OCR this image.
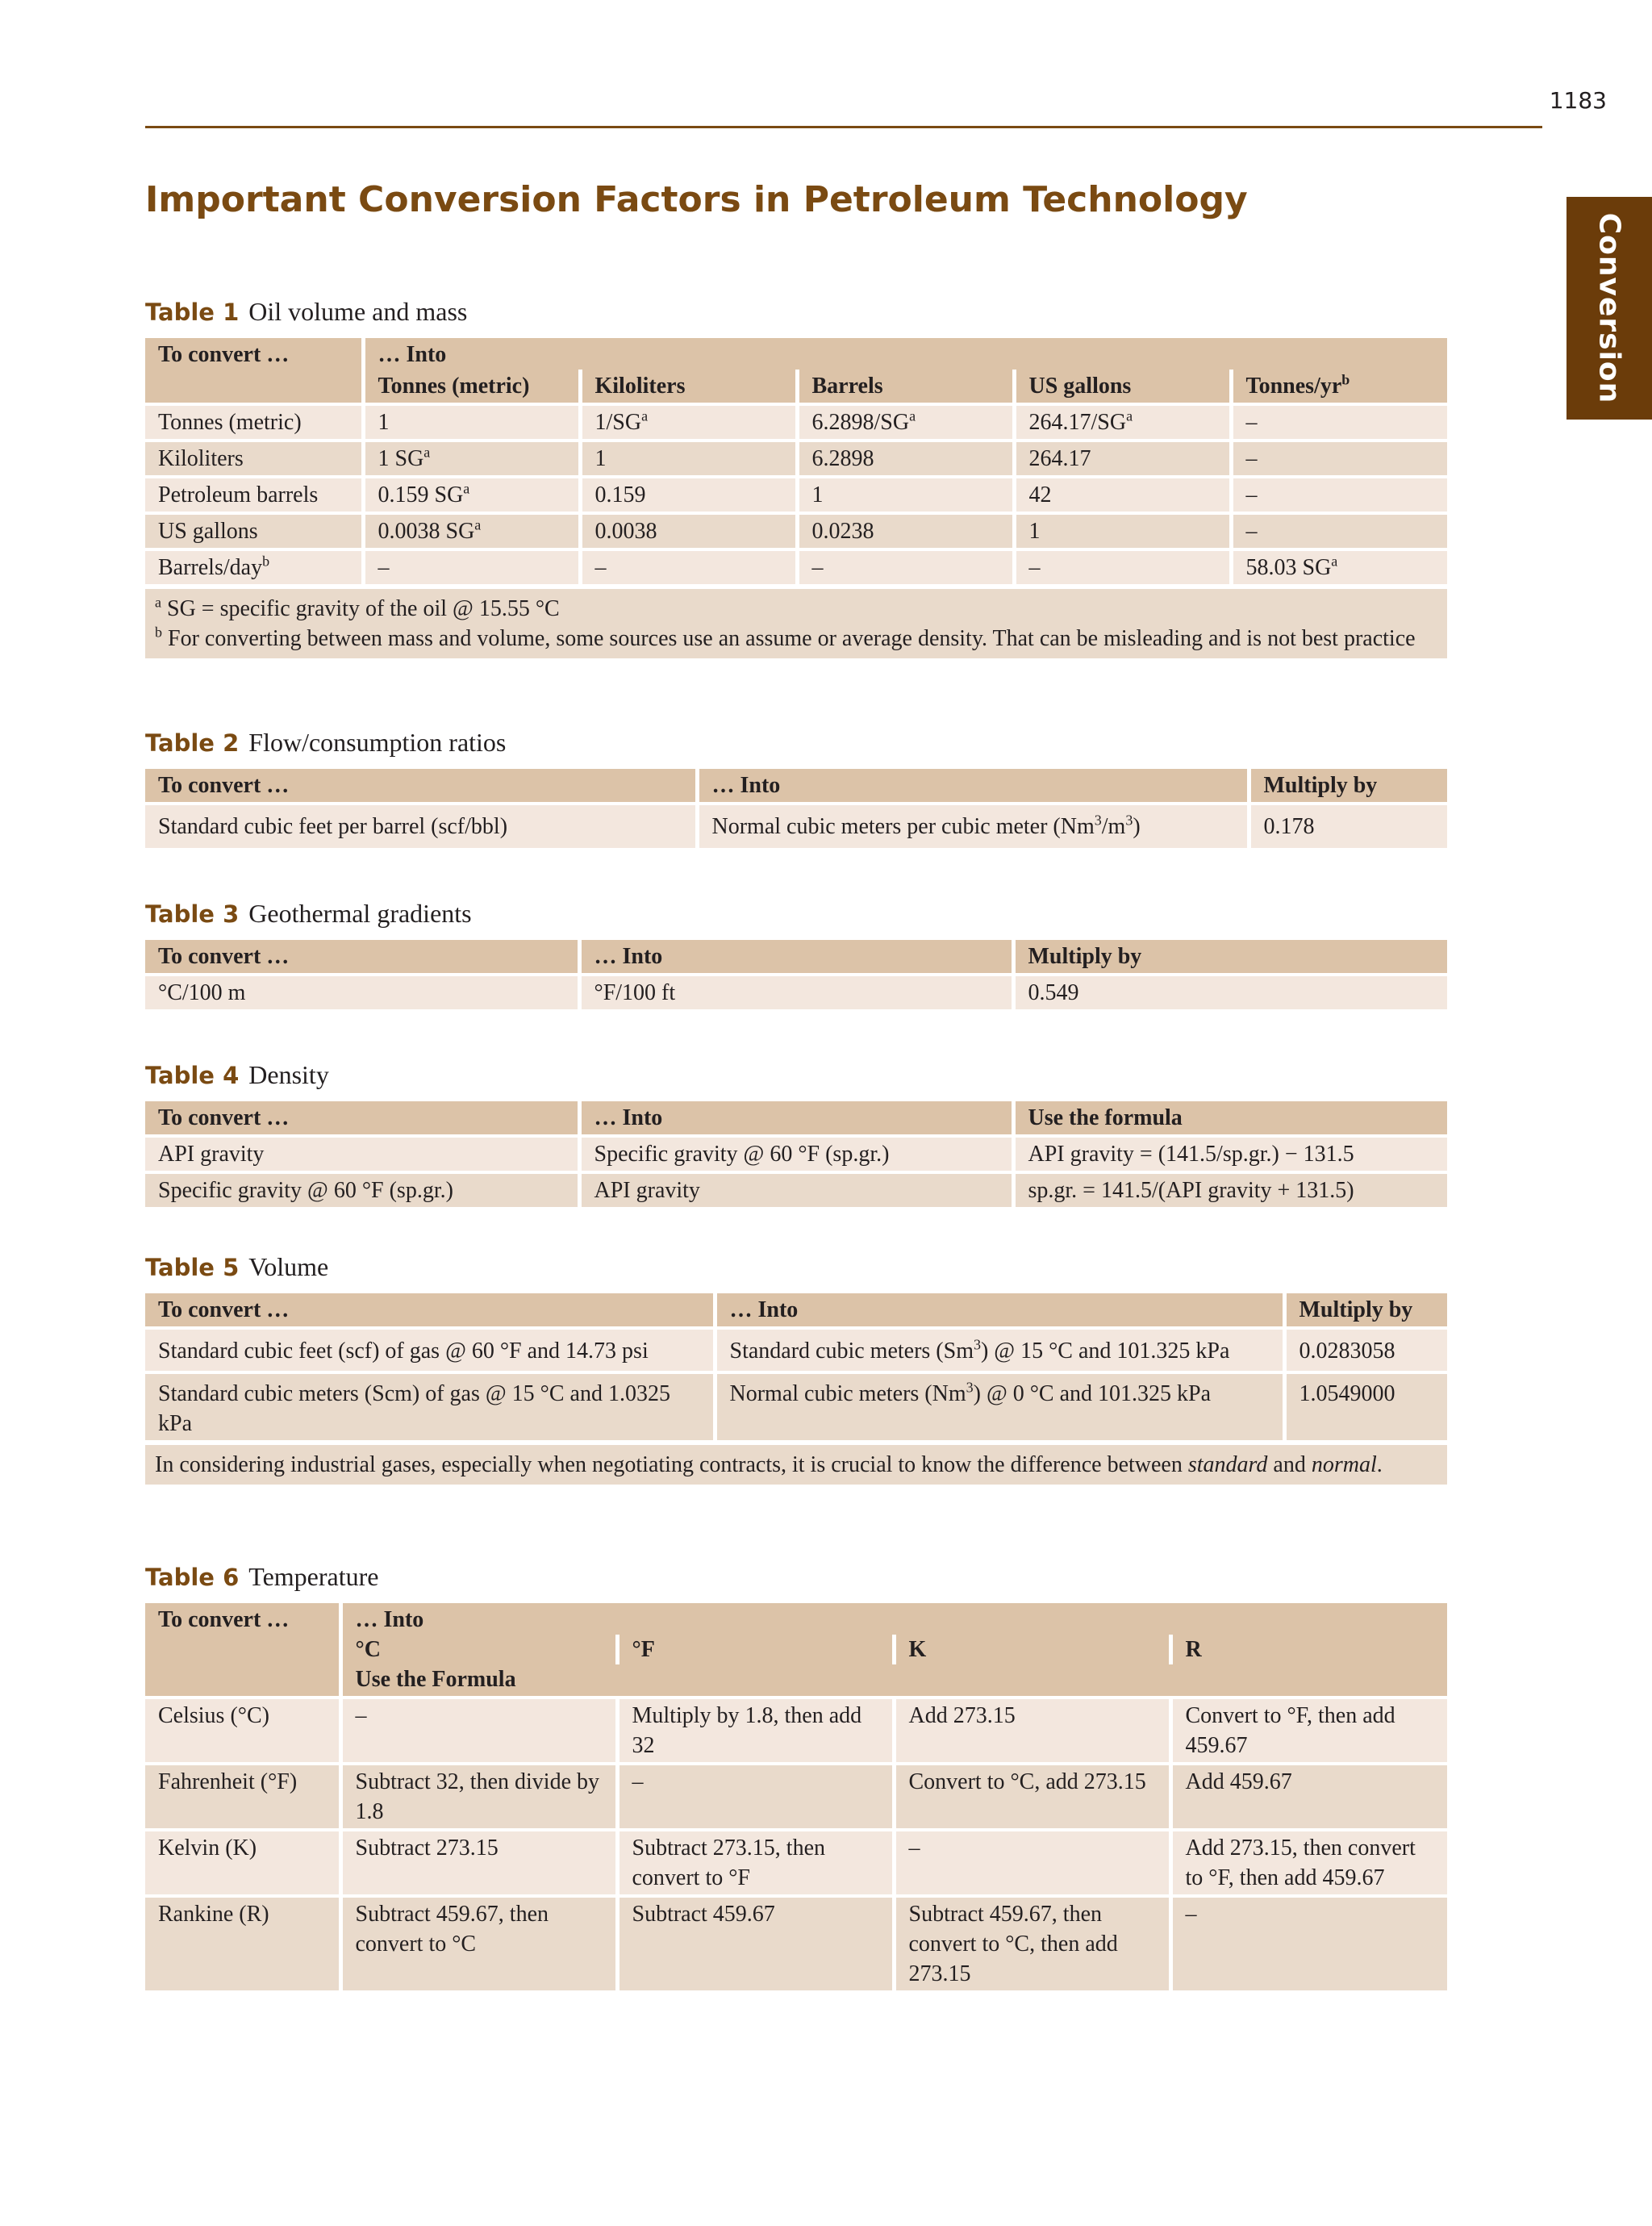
1183
Conversion
Important Conversion Factors in Petroleum Technology

Table 1 Oil volume and mass

To convert …	… Into				
	Tonnes (metric)	Kiloliters	Barrels	US gallons	Tonnes/$yr^b$
Tonnes (metric)	1	$1/SG^a$	$6.2898/SG^a$	$264.17/SG^a$	–
Kiloliters	1 $SG^a$	1	6.2898	264.17	–
Petroleum barrels	0.159 $SG^a$	0.159	1	42	–
US gallons	0.0038 $SG^a$	0.0038	0.0238	1	–
Barrels/day$^b$	–	–	–	–	58.03 $SG^a$
$^a$ SG = specific gravity of the oil @ 15.55 °C
$^b$ For converting between mass and volume, some sources use an assume or average density. That can be misleading and is not best practice

Table 2 Flow/consumption ratios

To convert …	… Into	Multiply by
Standard cubic feet per barrel (scf/bbl)	Normal cubic meters per cubic meter $(Nm^3/m^3)$	0.178

Table 3 Geothermal gradients

To convert …	… Into	Multiply by
°C/100 m	°F/100 ft	0.549

Table 4 Density

To convert …	… Into	Use the formula
API gravity	Specific gravity @ 60 °F (sp.gr.)	API gravity = (141.5/sp.gr.) − 131.5
Specific gravity @ 60 °F (sp.gr.)	API gravity	sp.gr. = 141.5/(API gravity + 131.5)

Table 5 Volume

To convert …	… Into	Multiply by
Standard cubic feet (scf) of gas @ 60 °F and 14.73 psi	Standard cubic meters (Sm$^3$) @ 15 °C and 101.325 kPa	0.0283058
Standard cubic meters (Scm) of gas @ 15 °C and 1.0325 kPa	Normal cubic meters (Nm$^3$) @ 0 °C and 101.325 kPa	1.0549000
In considering industrial gases, especially when negotiating contracts, it is crucial to know the difference between standard and normal.

Table 6 Temperature

To convert …	… Into			
	°C	°F	K	R
	Use the Formula			
Celsius (°C)	–	Multiply by 1.8, then add 32	Add 273.15	Convert to °F, then add 459.67
Fahrenheit (°F)	Subtract 32, then divide by 1.8	–	Convert to °C, add 273.15	Add 459.67
Kelvin (K)	Subtract 273.15	Subtract 273.15, then convert to °F	–	Add 273.15, then convert to °F, then add 459.67
Rankine (R)	Subtract 459.67, then convert to °C	Subtract 459.67	Subtract 459.67, then convert to °C, then add 273.15	–
